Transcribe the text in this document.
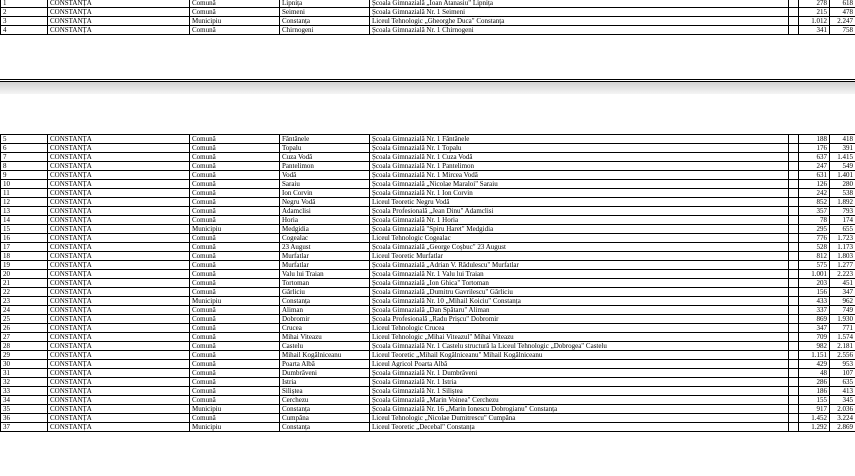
1	CONSTANȚA	Comună	Lipnița	Școala Gimnazială „Ioan Atanasiu" Lipnița		278	618
2	CONSTANȚA	Comună	Seimeni	Școala Gimnazială Nr. 1 Seimeni		215	478
3	CONSTANȚA	Municipiu	Constanța	Liceul Tehnologic „Gheorghe Duca" Constanța		1.012	2.247
4	CONSTANȚA	Comună	Chirnogeni	Școala Gimnazială Nr. 1 Chirnogeni		341	758
5	CONSTANȚA	Comună	Fântânele	Școala Gimnazială Nr. 1 Fântânele		188	418
6	CONSTANȚA	Comună	Topalu	Școala Gimnazială Nr. 1 Topalu		176	391
7	CONSTANȚA	Comună	Cuza Vodă	Școala Gimnazială Nr. 1 Cuza Vodă		637	1.415
8	CONSTANȚA	Comună	Pantelimon	Școala Gimnazială Nr. 1 Pantelimon		247	549
9	CONSTANȚA	Comună	Vodă	Școala Gimnazială Nr. 1 Mircea Vodă		631	1.401
10	CONSTANȚA	Comună	Saraiu	Școala Gimnazială „Nicolae Maraloi" Saraiu		126	280
11	CONSTANȚA	Comună	Ion Corvin	Școala Gimnazială Nr. 1 Ion Corvin		242	538
12	CONSTANȚA	Comună	Negru Vodă	Liceul Teoretic Negru Vodă		852	1.892
13	CONSTANȚA	Comună	Adamclisi	Școala Profesională „Jean Dinu" Adamclisi		357	793
14	CONSTANȚA	Comună	Horia	Școala Gimnazială Nr. 1 Horia		78	174
15	CONSTANȚA	Municipiu	Medgidia	Școala Gimnazială "Spiru Haret" Medgidia		295	655
16	CONSTANȚA	Comună	Cogealac	Liceul Tehnologic Cogealac		776	1.723
17	CONSTANȚA	Comună	23 August	Școala Gimnazială „George Coșbuc" 23 August		528	1.173
18	CONSTANȚA	Comună	Murfatlar	Liceul Teoretic Murfatlar		812	1.803
19	CONSTANȚA	Comună	Murfatlar	Școala Gimnazială „Adrian V. Rădulescu" Murfatlar		575	1.277
20	CONSTANȚA	Comună	Valu lui Traian	Școala Gimnazială Nr. 1 Valu lui Traian		1.001	2.223
21	CONSTANȚA	Comună	Tortoman	Școala Gimnazială „Ion Ghica" Tortoman		203	451
22	CONSTANȚA	Comună	Gârliciu	Școala Gimnazială „Dumitru Gavrilescu" Gârliciu		156	347
23	CONSTANȚA	Municipiu	Constanța	Școala Gimnazială Nr. 10 „Mihail Koiciu" Constanța		433	962
24	CONSTANȚA	Comună	Aliman	Școala Gimnazială „Dan Spătaru" Aliman		337	749
25	CONSTANȚA	Comună	Dobromir	Școala Profesională „Radu Prișcu" Dobromir		869	1.930
26	CONSTANȚA	Comună	Crucea	Liceul Tehnologic Crucea		347	771
27	CONSTANȚA	Comună	Mihai Viteazu	Liceul Tehnologic „Mihai Viteazul" Mihai Viteazu		709	1.574
28	CONSTANȚA	Comună	Castelu	Școala Gimnazială Nr. 1 Castelu structură la Liceul Tehnologic „Dobrogea" Castelu		982	2.181
29	CONSTANȚA	Comună	Mihail Kogălniceanu	Liceul Teoretic „Mihail Kogălniceanu" Mihail Kogălniceanu		1.151	2.556
30	CONSTANȚA	Comună	Poarta Albă	Liceul Agricol Poarta Albă		429	953
31	CONSTANȚA	Comună	Dumbrăveni	Școala Gimnazială Nr. 1 Dumbrăveni		48	107
32	CONSTANȚA	Comună	Istria	Școala Gimnazială Nr. 1 Istria		286	635
33	CONSTANȚA	Comună	Siliștea	Școala Gimnazială Nr. 1 Siliștea		186	413
34	CONSTANȚA	Comună	Cerchezu	Școala Gimnazială „Marin Voinea" Cerchezu		155	345
35	CONSTANȚA	Municipiu	Constanța	Școala Gimnazială Nr. 16 „Marin Ionescu Dobrogianu" Constanța		917	2.036
36	CONSTANȚA	Comună	Cumpăna	Liceul Tehnologic „Nicolae Dumitrescu" Cumpăna		1.452	3.224
37	CONSTANȚA	Municipiu	Constanța	Liceul Teoretic „Decebal" Constanța		1.292	2.869
